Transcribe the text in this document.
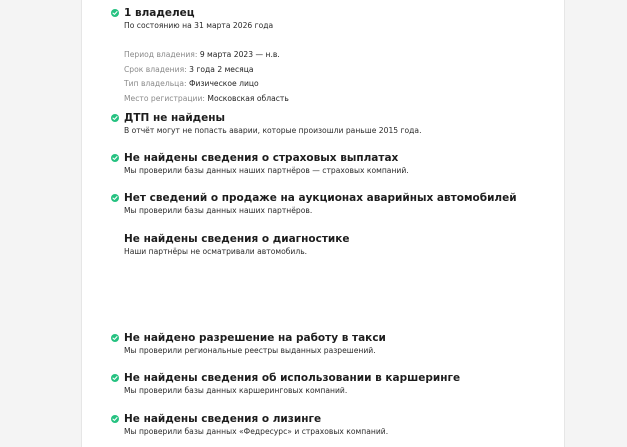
1 владелец
По состоянию на 31 марта 2026 года
Период владения: 9 марта 2023 — н.в.
Срок владения: 3 года 2 месяца
Тип владельца: Физическое лицо
Место регистрации: Московская область
ДТП не найдены
В отчёт могут не попасть аварии, которые произошли раньше 2015 года.
Не найдены сведения о страховых выплатах
Мы проверили базы данных наших партнёров — страховых компаний.
Нет сведений о продаже на аукционах аварийных автомобилей
Мы проверили базы данных наших партнёров.
Не найдены сведения о диагностике
Наши партнёры не осматривали автомобиль.
Не найдено разрешение на работу в такси
Мы проверили региональные реестры выданных разрешений.
Не найдены сведения об использовании в каршеринге
Мы проверили базы данных каршеринговых компаний.
Не найдены сведения о лизинге
Мы проверили базы данных «Федресурс» и страховых компаний.
